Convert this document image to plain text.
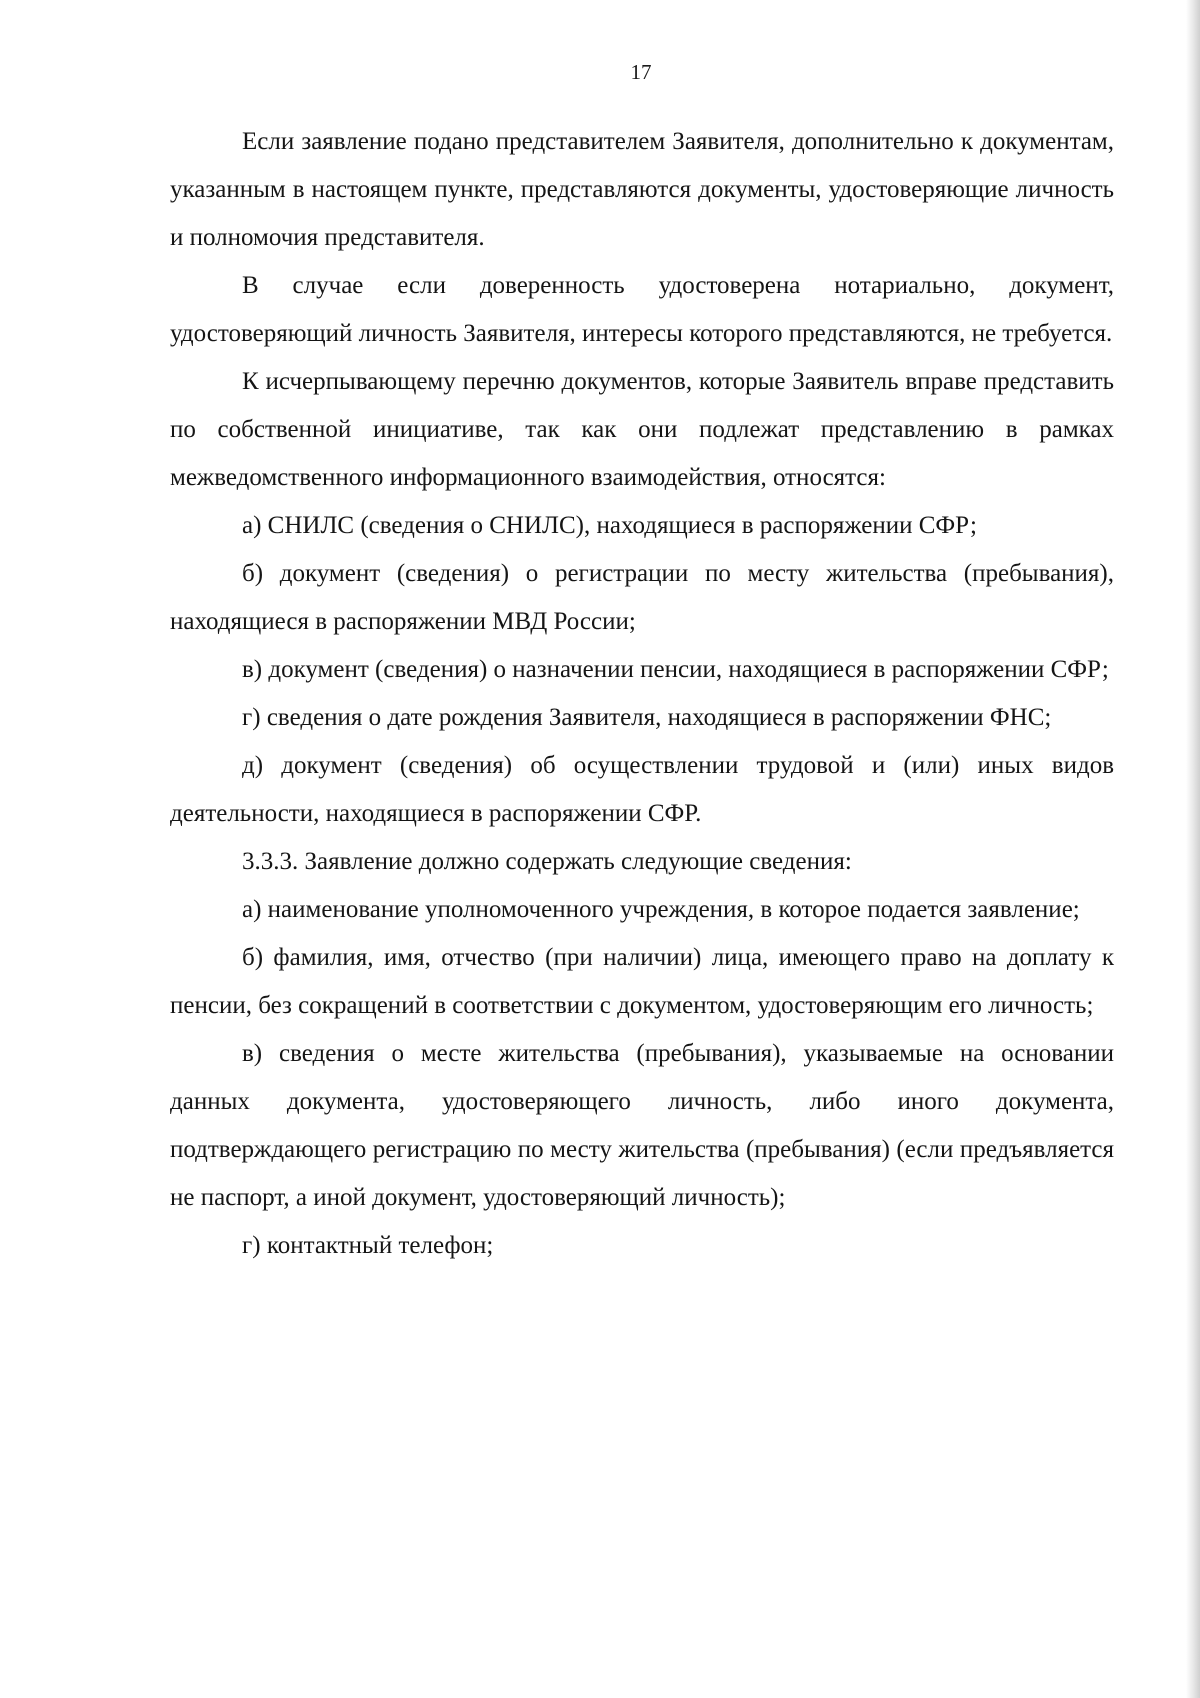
17

Если заявление подано представителем Заявителя, дополнительно к документам, указанным в настоящем пункте, представляются документы, удостоверяющие личность и полномочия представителя.

В случае если доверенность удостоверена нотариально, документ, удостоверяющий личность Заявителя, интересы которого представляются, не требуется.

К исчерпывающему перечню документов, которые Заявитель вправе представить по собственной инициативе, так как они подлежат представлению в рамках межведомственного информационного взаимодействия, относятся:

а) СНИЛС (сведения о СНИЛС), находящиеся в распоряжении СФР;

б) документ (сведения) о регистрации по месту жительства (пребывания), находящиеся в распоряжении МВД России;

в) документ (сведения) о назначении пенсии, находящиеся в распоряжении СФР;

г) сведения о дате рождения Заявителя, находящиеся в распоряжении ФНС;

д) документ (сведения) об осуществлении трудовой и (или) иных видов деятельности, находящиеся в распоряжении СФР.

3.3.3. Заявление должно содержать следующие сведения:

а) наименование уполномоченного учреждения, в которое подается заявление;

б) фамилия, имя, отчество (при наличии) лица, имеющего право на доплату к пенсии, без сокращений в соответствии с документом, удостоверяющим его личность;

в) сведения о месте жительства (пребывания), указываемые на основании данных документа, удостоверяющего личность, либо иного документа, подтверждающего регистрацию по месту жительства (пребывания) (если предъявляется не паспорт, а иной документ, удостоверяющий личность);

г) контактный телефон;
